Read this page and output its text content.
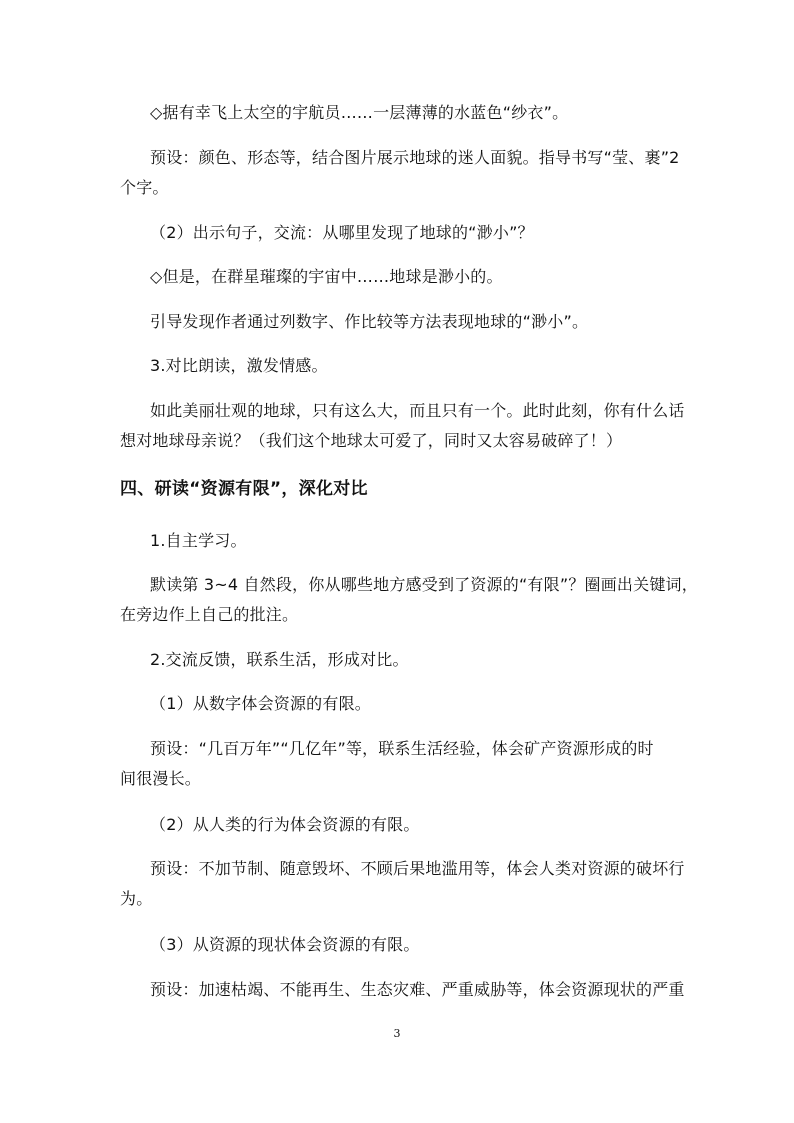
◇据有幸飞上太空的宇航员……一层薄薄的水蓝色“纱衣”。
预设：颜色、形态等，结合图片展示地球的迷人面貌。指导书写“莹、裹”2
个字。
（2）出示句子，交流：从哪里发现了地球的“渺小”？
◇但是，在群星璀璨的宇宙中……地球是渺小的。
引导发现作者通过列数字、作比较等方法表现地球的“渺小”。
3.对比朗读，激发情感。
如此美丽壮观的地球，只有这么大，而且只有一个。此时此刻，你有什么话
想对地球母亲说？（我们这个地球太可爱了，同时又太容易破碎了！）
四、研读“资源有限”，深化对比
1.自主学习。
默读第 3~4 自然段，你从哪些地方感受到了资源的“有限”？圈画出关键词，
在旁边作上自己的批注。
2.交流反馈，联系生活，形成对比。
（1）从数字体会资源的有限。
预设：“几百万年”“几亿年”等，联系生活经验，体会矿产资源形成的时
间很漫长。
（2）从人类的行为体会资源的有限。
预设：不加节制、随意毁坏、不顾后果地滥用等，体会人类对资源的破坏行
为。
（3）从资源的现状体会资源的有限。
预设：加速枯竭、不能再生、生态灾难、严重威胁等，体会资源现状的严重
3
